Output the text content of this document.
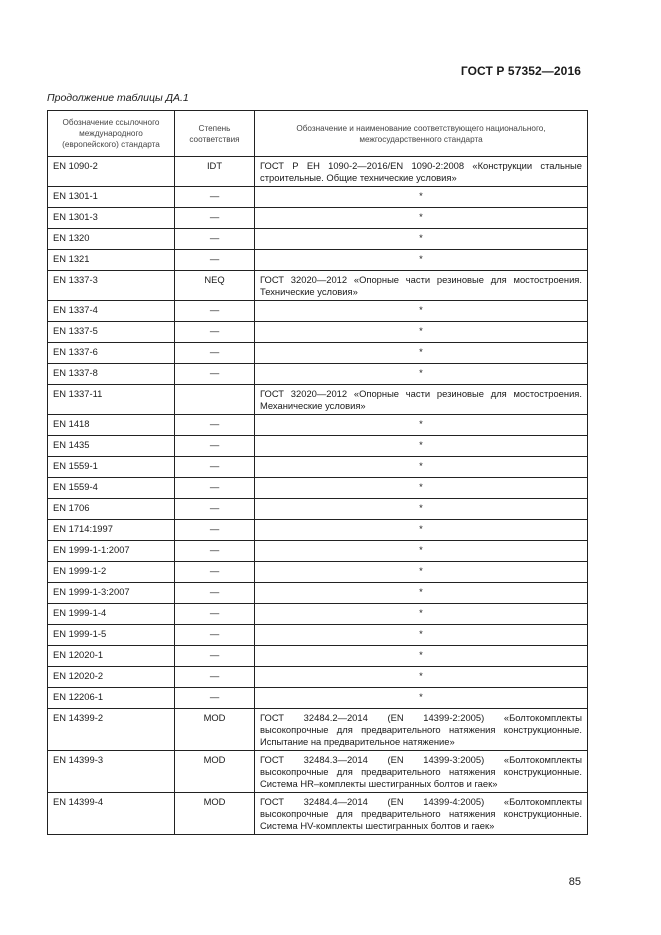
ГОСТ Р 57352—2016
Продолжение таблицы ДА.1
Обозначение ссылочного международного (европейского) стандарта	Степень соответствия	Обозначение и наименование соответствующего национального, межгосударственного стандарта
EN 1090-2	IDT	ГОСТ Р ЕН 1090-2—2016/EN 1090-2:2008 «Конструкции стальные строительные. Общие технические условия»
EN 1301-1	—	*
EN 1301-3	—	*
EN 1320	—	*
EN 1321	—	*
EN 1337-3	NEQ	ГОСТ 32020—2012 «Опорные части резиновые для мостостроения. Технические условия»
EN 1337-4	—	*
EN 1337-5	—	*
EN 1337-6	—	*
EN 1337-8	—	*
EN 1337-11		ГОСТ 32020—2012 «Опорные части резиновые для мостостроения. Механические условия»
EN 1418	—	*
EN 1435	—	*
EN 1559-1	—	*
EN 1559-4	—	*
EN 1706	—	*
EN 1714:1997	—	*
EN 1999-1-1:2007	—	*
EN 1999-1-2	—	*
EN 1999-1-3:2007	—	*
EN 1999-1-4	—	*
EN 1999-1-5	—	*
EN 12020-1	—	*
EN 12020-2	—	*
EN 12206-1	—	*
EN 14399-2	MOD	ГОСТ 32484.2—2014 (EN 14399-2:2005) «Болтокомплекты высокопрочные для предварительного натяжения конструкционные. Испытание на предварительное натяжение»
EN 14399-3	MOD	ГОСТ 32484.3—2014 (EN 14399-3:2005) «Болтокомплекты высокопрочные для предварительного натяжения конструкционные. Система HR–комплекты шестигранных болтов и гаек»
EN 14399-4	MOD	ГОСТ 32484.4—2014 (EN 14399-4:2005) «Болтокомплекты высокопрочные для предварительного натяжения конструкционные. Система HV-комплекты шестигранных болтов и гаек»
85
